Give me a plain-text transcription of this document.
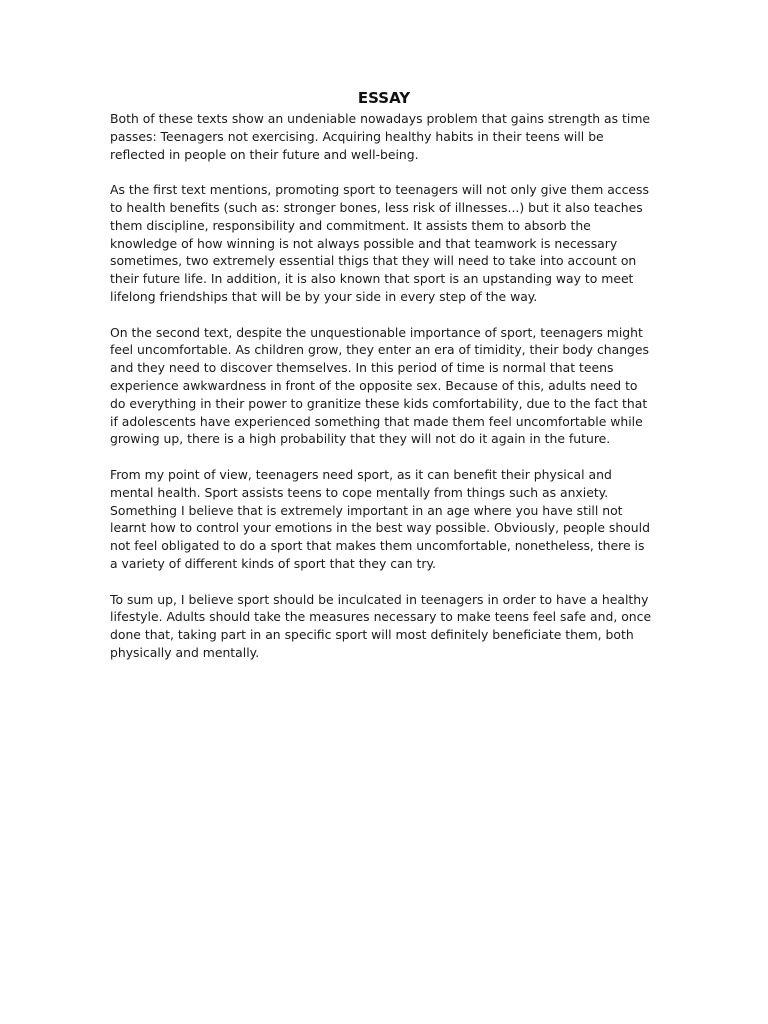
ESSAY
Both of these texts show an undeniable nowadays problem that gains strength as time
passes: Teenagers not exercising. Acquiring healthy habits in their teens will be
reflected in people on their future and well-being.
As the first text mentions, promoting sport to teenagers will not only give them access
to health benefits (such as: stronger bones, less risk of illnesses...) but it also teaches
them discipline, responsibility and commitment. It assists them to absorb the
knowledge of how winning is not always possible and that teamwork is necessary
sometimes, two extremely essential thigs that they will need to take into account on
their future life. In addition, it is also known that sport is an upstanding way to meet
lifelong friendships that will be by your side in every step of the way.
On the second text, despite the unquestionable importance of sport, teenagers might
feel uncomfortable. As children grow, they enter an era of timidity, their body changes
and they need to discover themselves. In this period of time is normal that teens
experience awkwardness in front of the opposite sex. Because of this, adults need to
do everything in their power to granitize these kids comfortability, due to the fact that
if adolescents have experienced something that made them feel uncomfortable while
growing up, there is a high probability that they will not do it again in the future.
From my point of view, teenagers need sport, as it can benefit their physical and
mental health. Sport assists teens to cope mentally from things such as anxiety.
Something I believe that is extremely important in an age where you have still not
learnt how to control your emotions in the best way possible. Obviously, people should
not feel obligated to do a sport that makes them uncomfortable, nonetheless, there is
a variety of different kinds of sport that they can try.
To sum up, I believe sport should be inculcated in teenagers in order to have a healthy
lifestyle. Adults should take the measures necessary to make teens feel safe and, once
done that, taking part in an specific sport will most definitely beneficiate them, both
physically and mentally.
